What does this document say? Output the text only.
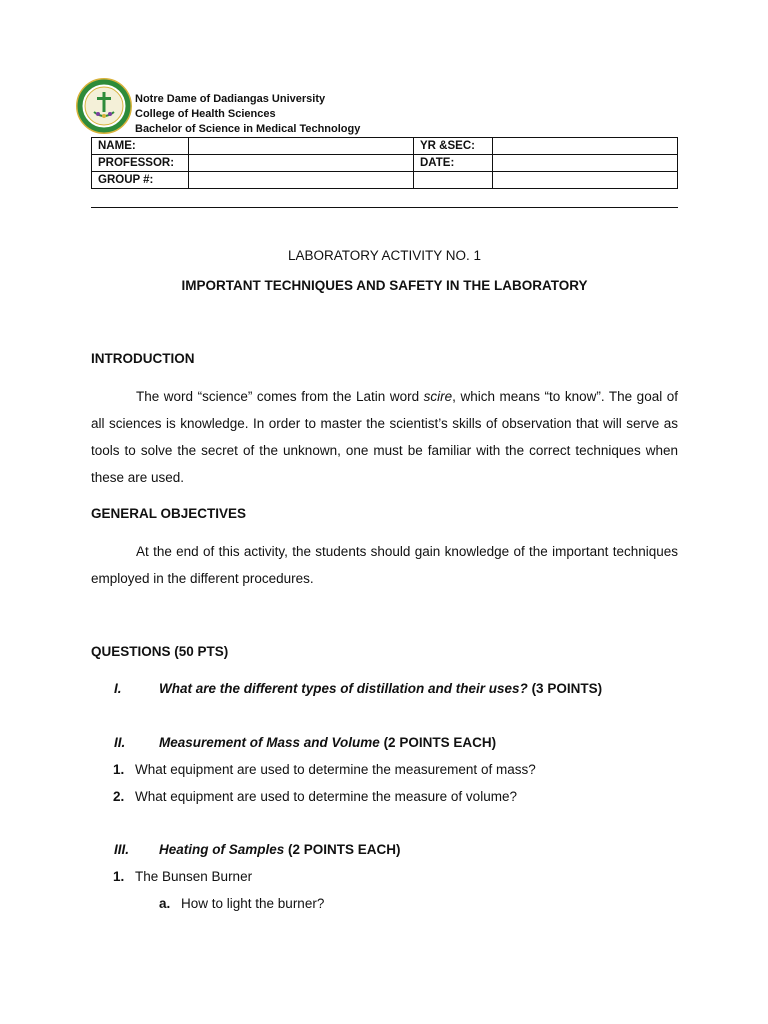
Notre Dame of Dadiangas University
College of Health Sciences
Bachelor of Science in Medical Technology
NAME:		YR &SEC:	
PROFESSOR:		DATE:	
GROUP #:			
LABORATORY ACTIVITY NO. 1
IMPORTANT TECHNIQUES AND SAFETY IN THE LABORATORY
INTRODUCTION
The word “science” comes from the Latin word scire, which means “to know”. The goal of all sciences is knowledge. In order to master the scientist’s skills of observation that will serve as tools to solve the secret of the unknown, one must be familiar with the correct techniques when these are used.
GENERAL OBJECTIVES
At the end of this activity, the students should gain knowledge of the important techniques employed in the different procedures.
QUESTIONS (50 PTS)
I.	What are the different types of distillation and their uses? (3 POINTS)
II. Measurement of Mass and Volume (2 POINTS EACH)
1. What equipment are used to determine the measurement of mass?
2. What equipment are used to determine the measure of volume?
III. Heating of Samples (2 POINTS EACH)
1. The Bunsen Burner
a. How to light the burner?
